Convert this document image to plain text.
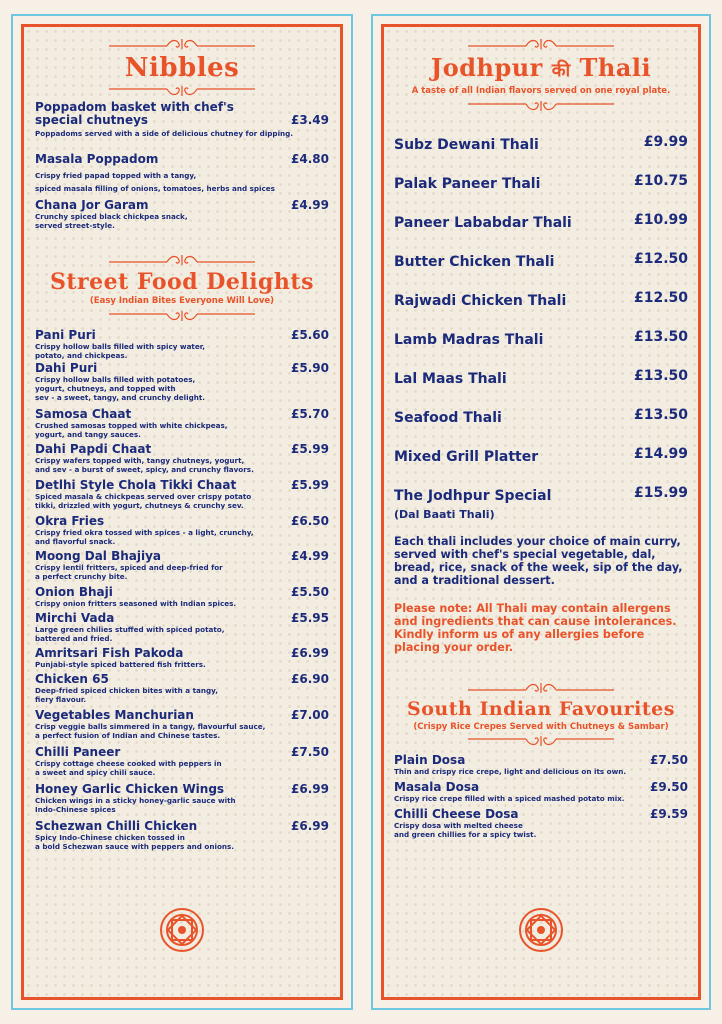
Nibbles
Poppadom basket with chef's
special chutneys	£3.49
Poppadoms served with a side of delicious chutney for dipping.
Masala Poppadom	£4.80
Crispy fried papad topped with a tangy,
spiced masala filling of onions, tomatoes, herbs and spices
Chana Jor Garam	£4.99
Crunchy spiced black chickpea snack,
served street-style.
Street Food Delights
(Easy Indian Bites Everyone Will Love)
Pani Puri	£5.60
Crispy hollow balls filled with spicy water,
potato, and chickpeas.
Dahi Puri	£5.90
Crispy hollow balls filled with potatoes,
yogurt, chutneys, and topped with
sev - a sweet, tangy, and crunchy delight.
Samosa Chaat	£5.70
Crushed samosas topped with white chickpeas,
yogurt, and tangy sauces.
Dahi Papdi Chaat	£5.99
Crispy wafers topped with, tangy chutneys, yogurt,
and sev - a burst of sweet, spicy, and crunchy flavors.
Detlhi Style Chola Tikki Chaat	£5.99
Spiced masala & chickpeas served over crispy potato
tikki, drizzled with yogurt, chutneys & crunchy sev.
Okra Fries	£6.50
Crispy fried okra tossed with spices - a light, crunchy,
and flavorful snack.
Moong Dal Bhajiya	£4.99
Crispy lentil fritters, spiced and deep-fried for
a perfect crunchy bite.
Onion Bhaji	£5.50
Crispy onion fritters seasoned with Indian spices.
Mirchi Vada	£5.95
Large green chilies stuffed with spiced potato,
battered and fried.
Amritsari Fish Pakoda	£6.99
Punjabi-style spiced battered fish fritters.
Chicken 65	£6.90
Deep-fried spiced chicken bites with a tangy,
fiery flavour.
Vegetables Manchurian	£7.00
Crisp veggie balls simmered in a tangy, flavourful sauce,
a perfect fusion of Indian and Chinese tastes.
Chilli Paneer	£7.50
Crispy cottage cheese cooked with peppers in
a sweet and spicy chili sauce.
Honey Garlic Chicken Wings	£6.99
Chicken wings in a sticky honey-garlic sauce with
Indo-Chinese spices
Schezwan Chilli Chicken	£6.99
Spicy Indo-Chinese chicken tossed in
a bold Schezwan sauce with peppers and onions.
Jodhpur की Thali
A taste of all Indian flavors served on one royal plate.
Subz Dewani Thali	£9.99
Palak Paneer Thali	£10.75
Paneer Lababdar Thali	£10.99
Butter Chicken Thali	£12.50
Rajwadi Chicken Thali	£12.50
Lamb Madras Thali	£13.50
Lal Maas Thali	£13.50
Seafood Thali	£13.50
Mixed Grill Platter	£14.99
The Jodhpur Special	£15.99
(Dal Baati Thali)
Each thali includes your choice of main curry, served with chef's special vegetable, dal, bread, rice, snack of the week, sip of the day, and a traditional dessert.
Please note: All Thali may contain allergens and ingredients that can cause intolerances. Kindly inform us of any allergies before placing your order.
South Indian Favourites
(Crispy Rice Crepes Served with Chutneys & Sambar)
Plain Dosa	£7.50
Thin and crispy rice crepe, light and delicious on its own.
Masala Dosa	£9.50
Crispy rice crepe filled with a spiced mashed potato mix.
Chilli Cheese Dosa	£9.59
Crispy dosa with melted cheese
and green chillies for a spicy twist.
